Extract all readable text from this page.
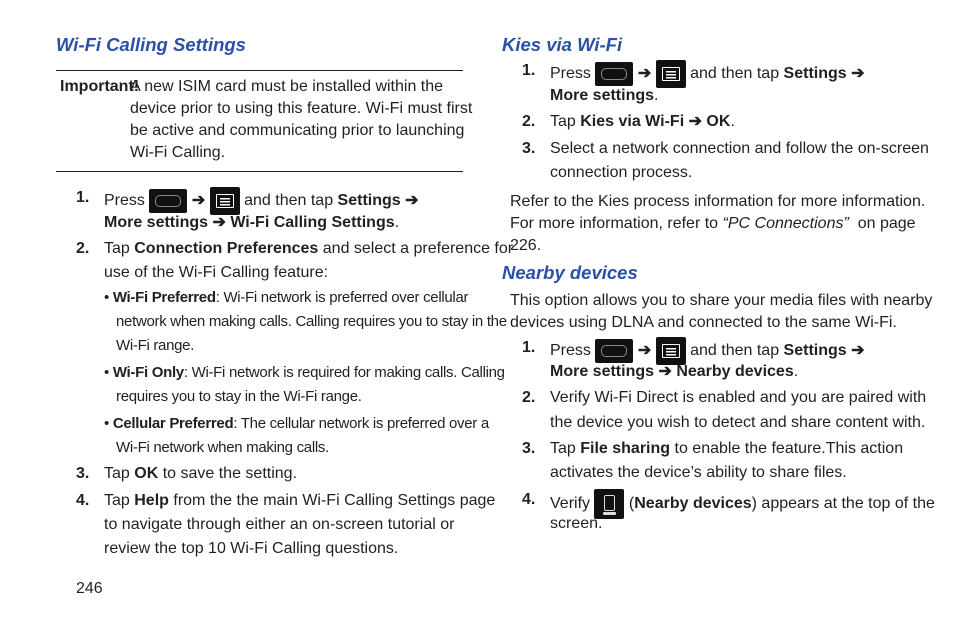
Wi-Fi Calling Settings
Important!
A new ISIM card must be installed within the
device prior to using this feature. Wi-Fi must first
be active and communicating prior to launching
Wi-Fi Calling.
1. Press	➔ and then tap Settings ➔
More settings ➔ Wi-Fi Calling Settings.
2. Tap Connection Preferences and select a preference for
use of the Wi-Fi Calling feature:
• Wi-Fi Preferred: Wi-Fi network is preferred over cellular
network when making calls. Calling requires you to stay in the
Wi-Fi range.
• Wi-Fi Only: Wi-Fi network is required for making calls. Calling
requires you to stay in the Wi-Fi range.
• Cellular Preferred: The cellular network is preferred over a
Wi-Fi network when making calls.
3. Tap OK to save the setting.
4. Tap Help from the the main Wi-Fi Calling Settings page
to navigate through either an on-screen tutorial or
review the top 10 Wi-Fi Calling questions.
Kies via Wi-Fi
1. Press	➔ and then tap Settings ➔
More settings.
2. Tap Kies via Wi-Fi ➔ OK.
3. Select a network connection and follow the on-screen
connection process.
Refer to the Kies process information for more information.
For more information, refer to “PC Connections” on page
226.
Nearby devices
This option allows you to share your media files with nearby
devices using DLNA and connected to the same Wi-Fi.
1. Press	➔ and then tap Settings ➔
More settings ➔ Nearby devices.
2. Verify Wi-Fi Direct is enabled and you are paired with
the device you wish to detect and share content with.
3. Tap File sharing to enable the feature.This action
activates the device’s ability to share files.
4. Verify (Nearby devices) appears at the top of the
screen.
246
